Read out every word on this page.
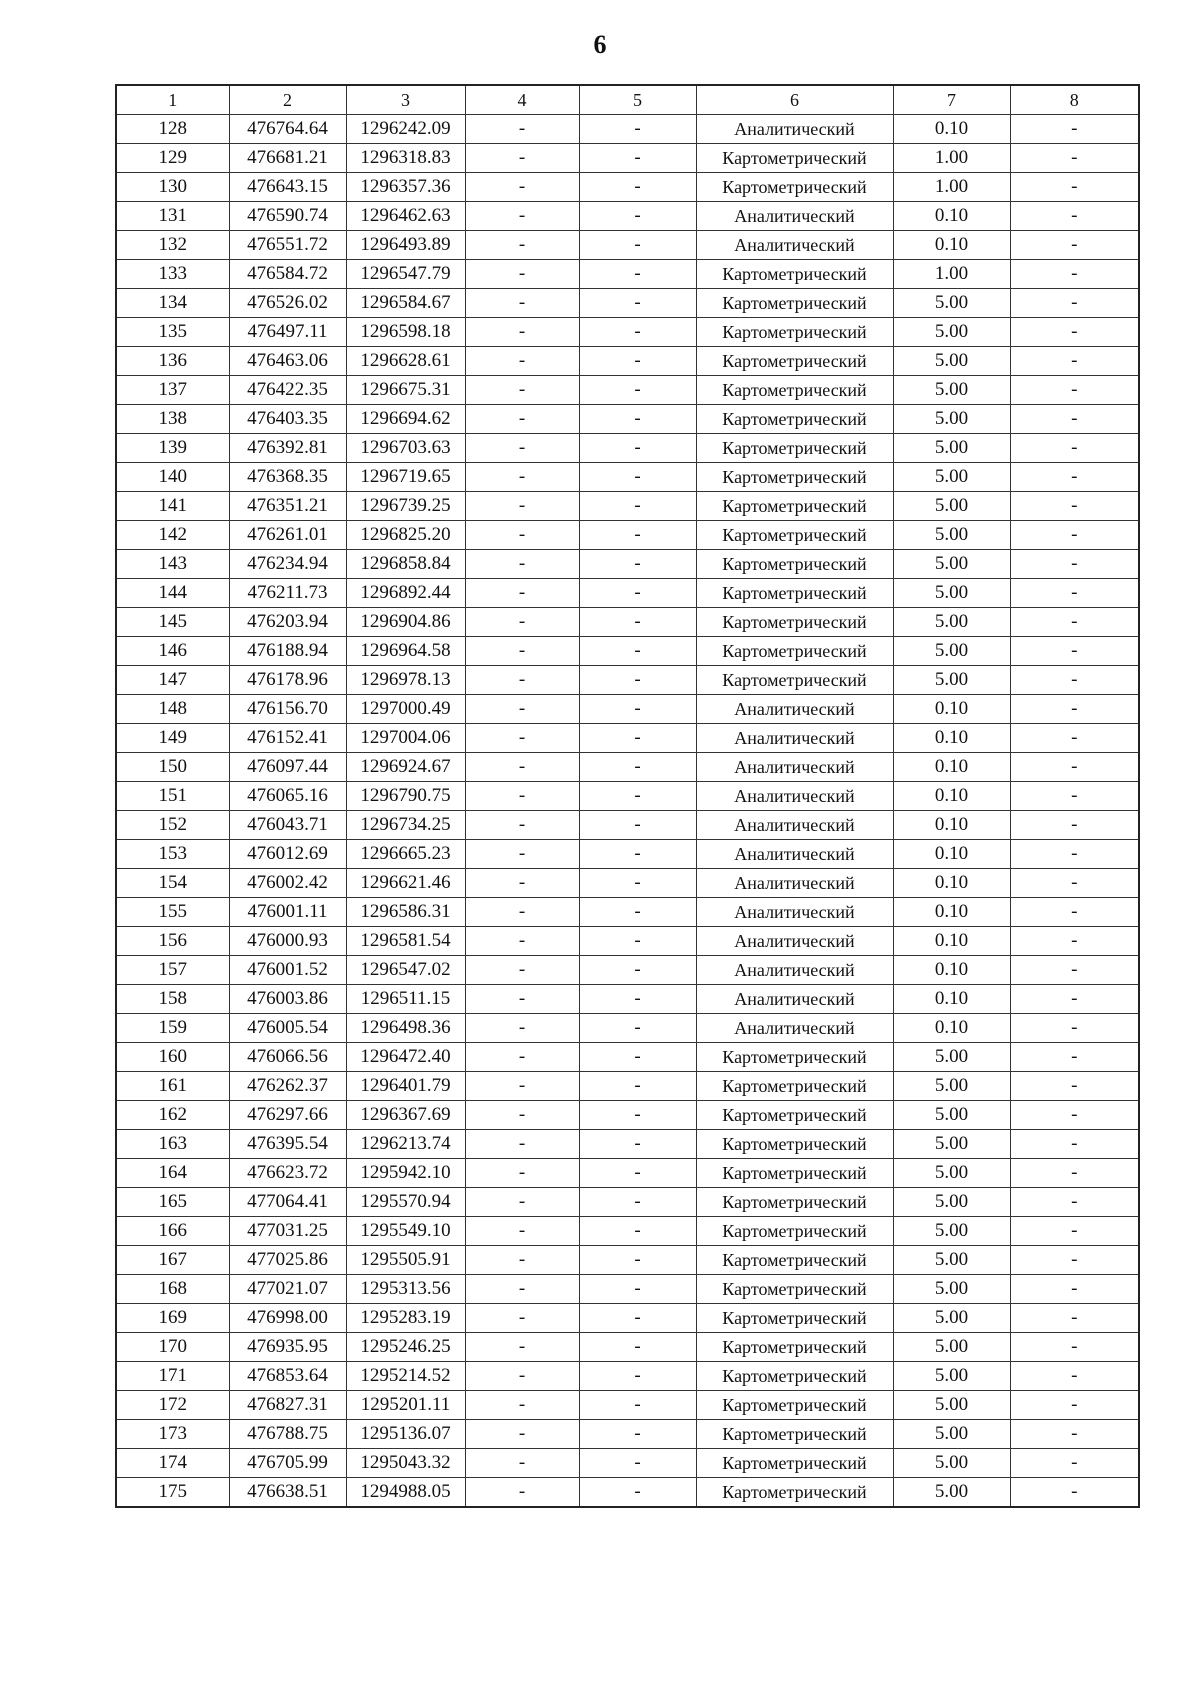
6
1	2	3	4	5	6	7	8
128	476764.64	1296242.09	-	-	Аналитический	0.10	-
129	476681.21	1296318.83	-	-	Картометрический	1.00	-
130	476643.15	1296357.36	-	-	Картометрический	1.00	-
131	476590.74	1296462.63	-	-	Аналитический	0.10	-
132	476551.72	1296493.89	-	-	Аналитический	0.10	-
133	476584.72	1296547.79	-	-	Картометрический	1.00	-
134	476526.02	1296584.67	-	-	Картометрический	5.00	-
135	476497.11	1296598.18	-	-	Картометрический	5.00	-
136	476463.06	1296628.61	-	-	Картометрический	5.00	-
137	476422.35	1296675.31	-	-	Картометрический	5.00	-
138	476403.35	1296694.62	-	-	Картометрический	5.00	-
139	476392.81	1296703.63	-	-	Картометрический	5.00	-
140	476368.35	1296719.65	-	-	Картометрический	5.00	-
141	476351.21	1296739.25	-	-	Картометрический	5.00	-
142	476261.01	1296825.20	-	-	Картометрический	5.00	-
143	476234.94	1296858.84	-	-	Картометрический	5.00	-
144	476211.73	1296892.44	-	-	Картометрический	5.00	-
145	476203.94	1296904.86	-	-	Картометрический	5.00	-
146	476188.94	1296964.58	-	-	Картометрический	5.00	-
147	476178.96	1296978.13	-	-	Картометрический	5.00	-
148	476156.70	1297000.49	-	-	Аналитический	0.10	-
149	476152.41	1297004.06	-	-	Аналитический	0.10	-
150	476097.44	1296924.67	-	-	Аналитический	0.10	-
151	476065.16	1296790.75	-	-	Аналитический	0.10	-
152	476043.71	1296734.25	-	-	Аналитический	0.10	-
153	476012.69	1296665.23	-	-	Аналитический	0.10	-
154	476002.42	1296621.46	-	-	Аналитический	0.10	-
155	476001.11	1296586.31	-	-	Аналитический	0.10	-
156	476000.93	1296581.54	-	-	Аналитический	0.10	-
157	476001.52	1296547.02	-	-	Аналитический	0.10	-
158	476003.86	1296511.15	-	-	Аналитический	0.10	-
159	476005.54	1296498.36	-	-	Аналитический	0.10	-
160	476066.56	1296472.40	-	-	Картометрический	5.00	-
161	476262.37	1296401.79	-	-	Картометрический	5.00	-
162	476297.66	1296367.69	-	-	Картометрический	5.00	-
163	476395.54	1296213.74	-	-	Картометрический	5.00	-
164	476623.72	1295942.10	-	-	Картометрический	5.00	-
165	477064.41	1295570.94	-	-	Картометрический	5.00	-
166	477031.25	1295549.10	-	-	Картометрический	5.00	-
167	477025.86	1295505.91	-	-	Картометрический	5.00	-
168	477021.07	1295313.56	-	-	Картометрический	5.00	-
169	476998.00	1295283.19	-	-	Картометрический	5.00	-
170	476935.95	1295246.25	-	-	Картометрический	5.00	-
171	476853.64	1295214.52	-	-	Картометрический	5.00	-
172	476827.31	1295201.11	-	-	Картометрический	5.00	-
173	476788.75	1295136.07	-	-	Картометрический	5.00	-
174	476705.99	1295043.32	-	-	Картометрический	5.00	-
175	476638.51	1294988.05	-	-	Картометрический	5.00	-
